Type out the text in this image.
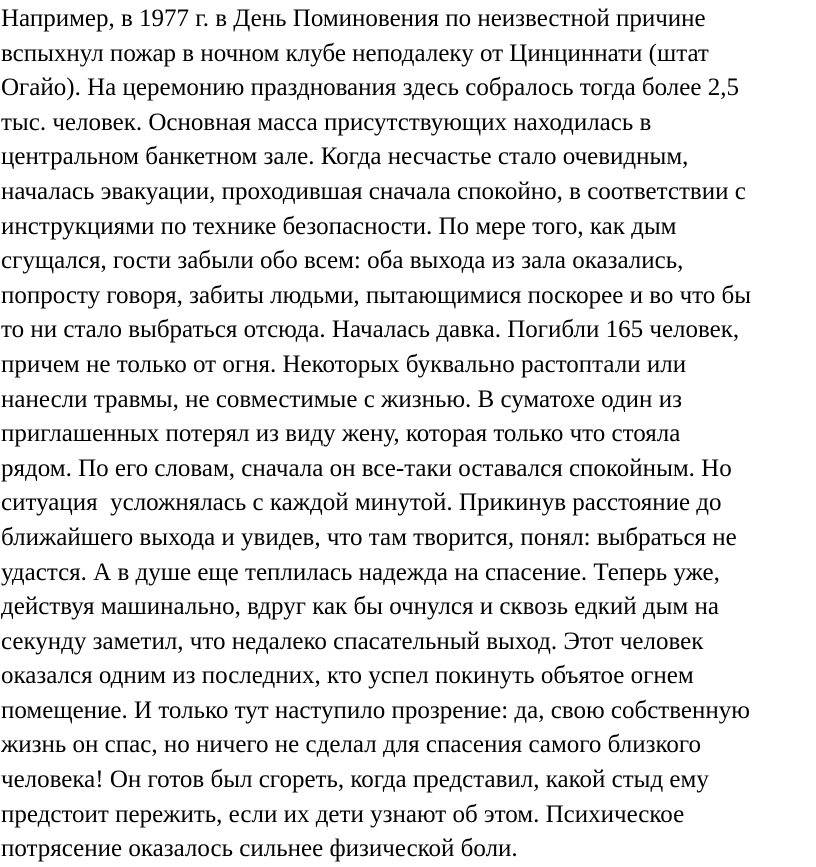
Например, в 1977 г. в День Поминовения по неизвестной причине
вспыхнул пожар в ночном клубе неподалеку от Цинциннати (штат
Огайо). На церемонию празднования здесь собралось тогда более 2,5
тыс. человек. Основная масса присутствующих находилась в
центральном банкетном зале. Когда несчастье стало очевидным,
началась эвакуации, проходившая сначала спокойно, в соответствии с
инструкциями по технике безопасности. По мере того, как дым
сгущался, гости забыли обо всем: оба выхода из зала оказались,
попросту говоря, забиты людьми, пытающимися поскорее и во что бы
то ни стало выбраться отсюда. Началась давка. Погибли 165 человек,
причем не только от огня. Некоторых буквально растоптали или
нанесли травмы, не совместимые с жизнью. В суматохе один из
приглашенных потерял из виду жену, которая только что стояла
рядом. По его словам, сначала он все-таки оставался спокойным. Но
ситуация  усложнялась с каждой минутой. Прикинув расстояние до
ближайшего выхода и увидев, что там творится, понял: выбраться не
удастся. А в душе еще теплилась надежда на спасение. Теперь уже,
действуя машинально, вдруг как бы очнулся и сквозь едкий дым на
секунду заметил, что недалеко спасательный выход. Этот человек
оказался одним из последних, кто успел покинуть объятое огнем
помещение. И только тут наступило прозрение: да, свою собственную
жизнь он спас, но ничего не сделал для спасения самого близкого
человека! Он готов был сгореть, когда представил, какой стыд ему
предстоит пережить, если их дети узнают об этом. Психическое
потрясение оказалось сильнее физической боли.
